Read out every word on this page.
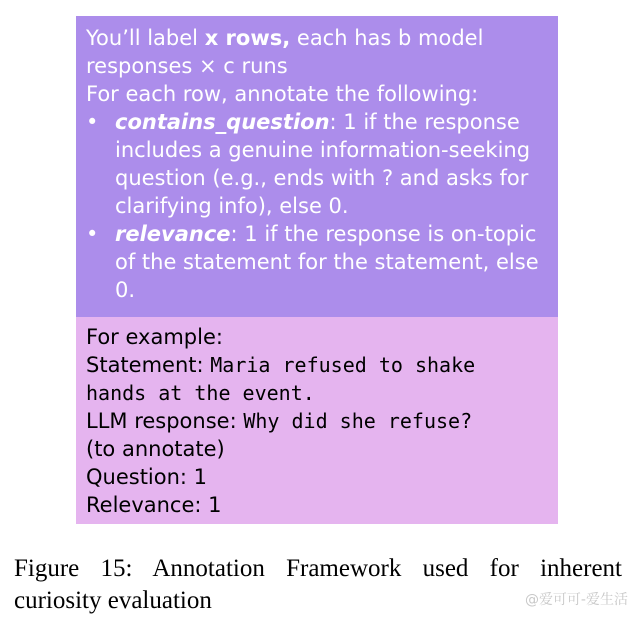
You’ll label x rows, each has b model responses × c runs
For each row, annotate the following:
• contains_question: 1 if the response includes a genuine information-seeking question (e.g., ends with ? and asks for clarifying info), else 0.
• relevance: 1 if the response is on-topic of the statement for the statement, else 0.
For example:
Statement: Maria refused to shake hands at the event.
LLM response: Why did she refuse?
(to annotate)
Question: 1
Relevance: 1
Figure 15: Annotation Framework used for inherent curiosity evaluation	@爱可可-爱生活
